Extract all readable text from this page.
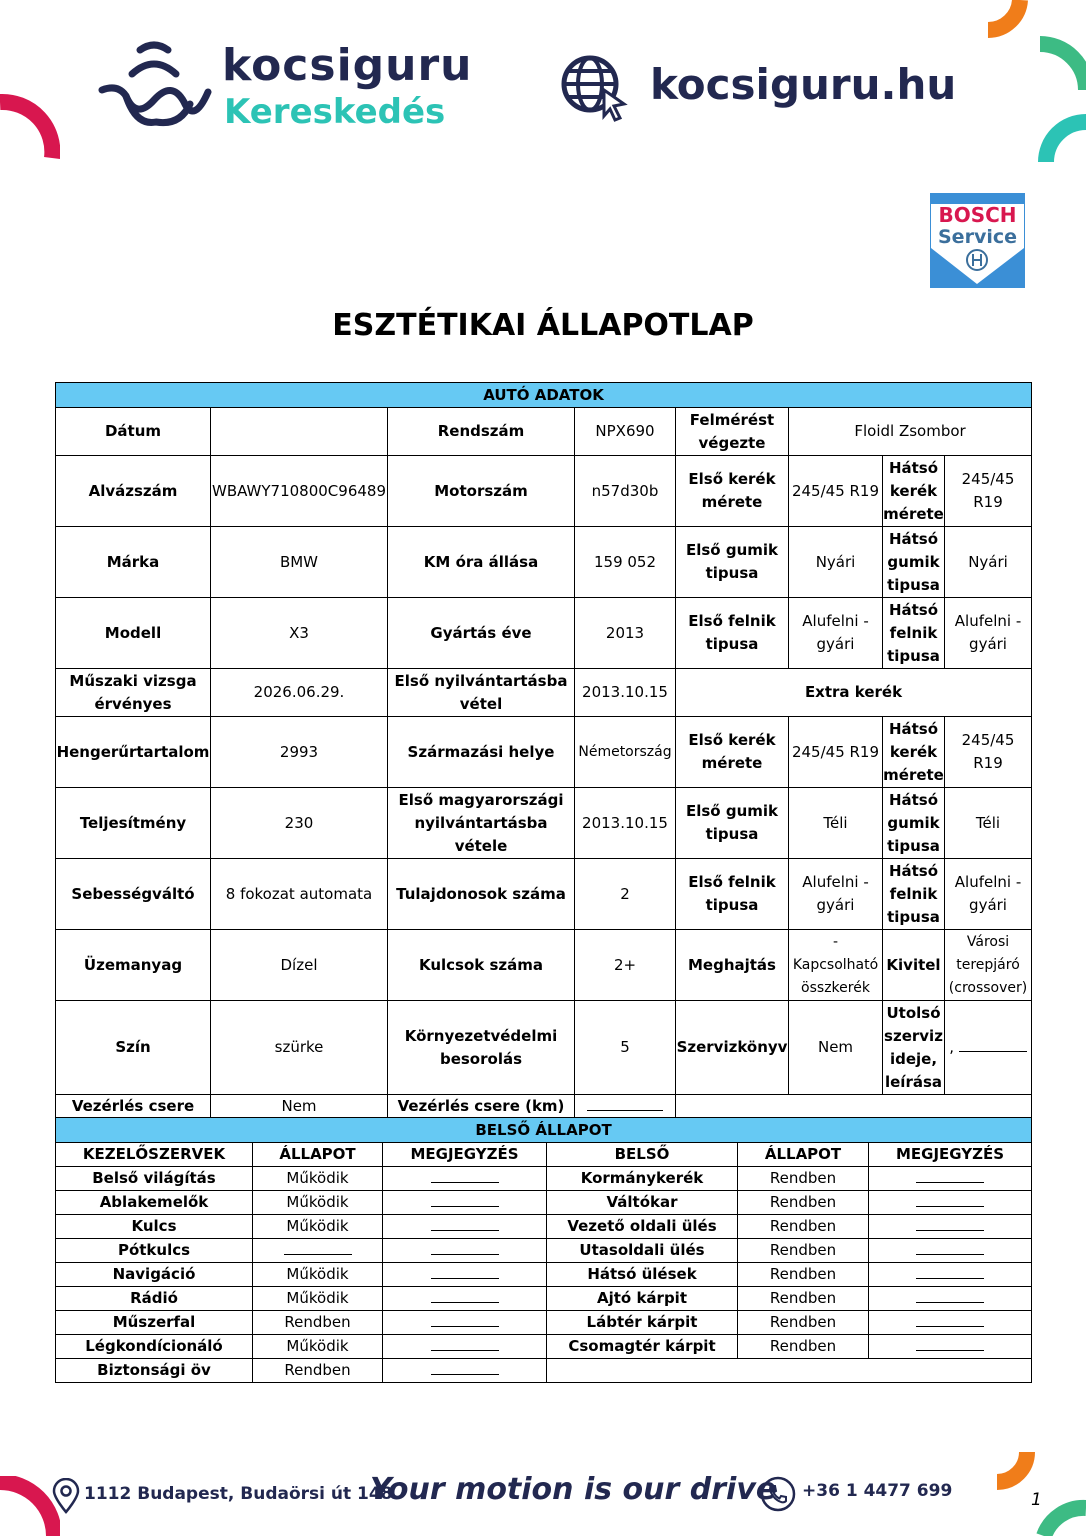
kocsiguru
Kereskedés
kocsiguru.hu
BOSCH
Service
ESZTÉTIKAI ÁLLAPOTLAP
AUTÓ ADATOK							
Dátum		Rendszám	NPX690	Felmérést végezte	Floidl Zsombor		
Alvázszám	WBAWY710800C96489	Motorszám	n57d30b	Első kerék mérete	245/45 R19	Hátsó kerék mérete	245/45 R19
Márka	BMW	KM óra állása	159 052	Első gumik tipusa	Nyári	Hátsó gumik tipusa	Nyári
Modell	X3	Gyártás éve	2013	Első felnik tipusa	Alufelni - gyári	Hátsó felnik tipusa	Alufelni - gyári
Műszaki vizsga érvényes	2026.06.29.	Első nyilvántartásba vétel	2013.10.15	Extra kerék			
Hengerűrtartalom	2993	Származási helye	Németország	Első kerék mérete	245/45 R19	Hátsó kerék mérete	245/45 R19
Teljesítmény	230	Első magyarországi nyilvántartásba vétele	2013.10.15	Első gumik tipusa	Téli	Hátsó gumik tipusa	Téli
Sebességváltó	8 fokozat automata	Tulajdonosok száma	2	Első felnik tipusa	Alufelni - gyári	Hátsó felnik tipusa	Alufelni - gyári
Üzemanyag	Dízel	Kulcsok száma	2+	Meghajtás	- Kapcsolható összkerék	Kivitel	Városi terepjáró (crossover)
Szín	szürke	Környezetvédelmi besorolás	5	Szervizkönyv	Nem	Utolsó szerviz ideje, leírása	,
Vezérlés csere	Nem	Vezérlés csere (km)					
BELSŐ ÁLLAPOT					
KEZELŐSZERVEK	ÁLLAPOT	MEGJEGYZÉS	BELSŐ	ÁLLAPOT	MEGJEGYZÉS
Belső világítás	Működik		Kormánykerék	Rendben	
Ablakemelők	Működik		Váltókar	Rendben	
Kulcs	Működik		Vezető oldali ülés	Rendben	
Pótkulcs			Utasoldali ülés	Rendben	
Navigáció	Működik		Hátsó ülések	Rendben	
Rádió	Működik		Ajtó kárpit	Rendben	
Műszerfal	Rendben		Lábtér kárpit	Rendben	
Légkondícionáló	Működik		Csomagtér kárpit	Rendben	
Biztonsági öv	Rendben				
1112 Budapest, Budaörsi út 148.
Your motion is our drive +36 1 4477 699	1
